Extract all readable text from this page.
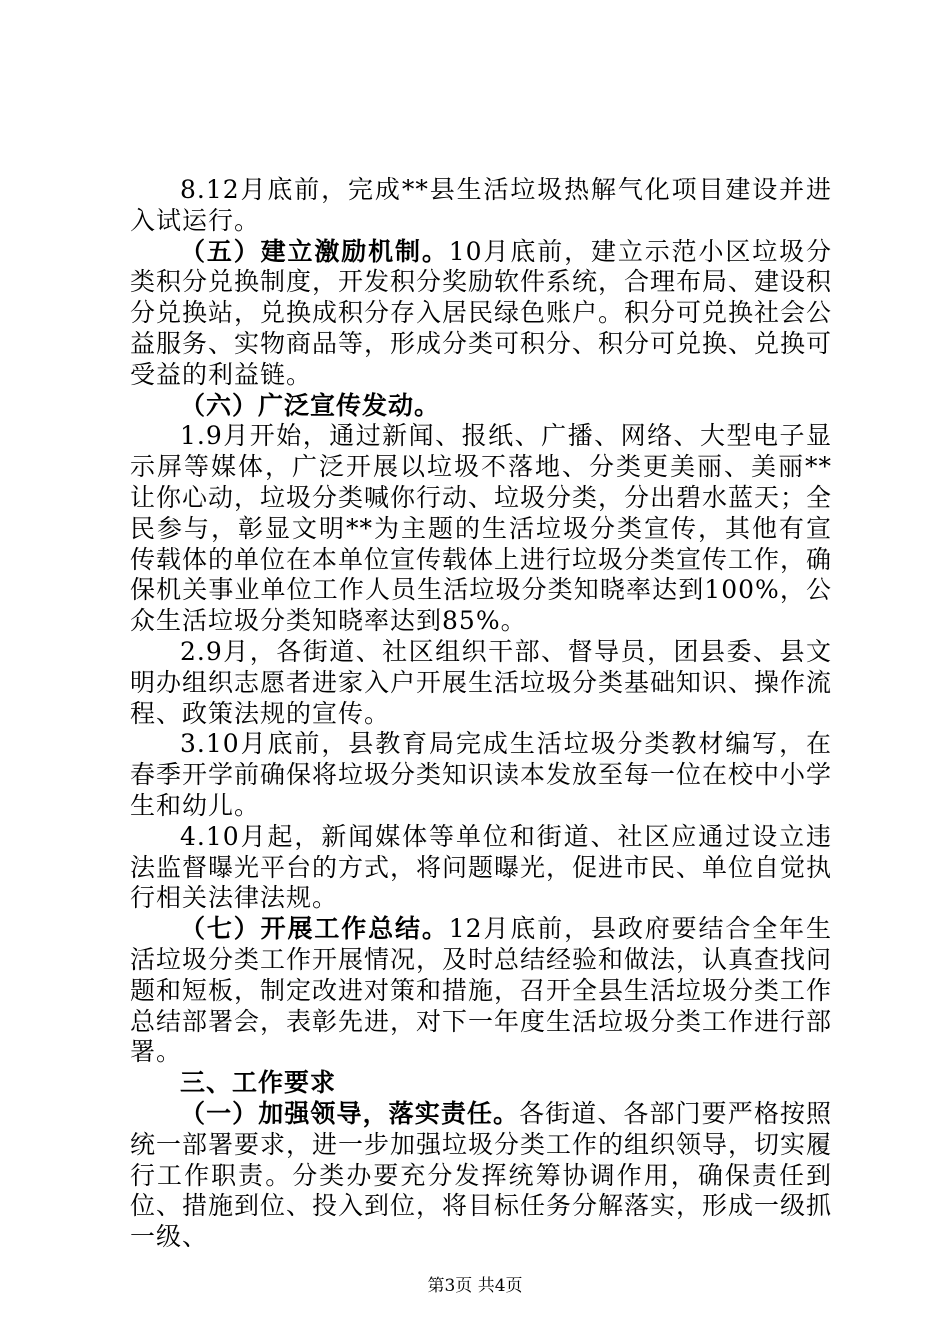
8.12月底前，完成**县生活垃圾热解气化项目建设并进入试运行。

（五）建立激励机制。10月底前，建立示范小区垃圾分类积分兑换制度，开发积分奖励软件系统，合理布局、建设积分兑换站，兑换成积分存入居民绿色账户。积分可兑换社会公益服务、实物商品等，形成分类可积分、积分可兑换、兑换可受益的利益链。

（六）广泛宣传发动。

1.9月开始，通过新闻、报纸、广播、网络、大型电子显示屏等媒体，广泛开展以垃圾不落地、分类更美丽、美丽**让你心动，垃圾分类喊你行动、垃圾分类，分出碧水蓝天；全民参与，彰显文明**为主题的生活垃圾分类宣传，其他有宣传载体的单位在本单位宣传载体上进行垃圾分类宣传工作，确保机关事业单位工作人员生活垃圾分类知晓率达到100%，公众生活垃圾分类知晓率达到85%。

2.9月，各街道、社区组织干部、督导员，团县委、县文明办组织志愿者进家入户开展生活垃圾分类基础知识、操作流程、政策法规的宣传。

3.10月底前，县教育局完成生活垃圾分类教材编写，在春季开学前确保将垃圾分类知识读本发放至每一位在校中小学生和幼儿。

4.10月起，新闻媒体等单位和街道、社区应通过设立违法监督曝光平台的方式，将问题曝光，促进市民、单位自觉执行相关法律法规。

（七）开展工作总结。12月底前，县政府要结合全年生活垃圾分类工作开展情况，及时总结经验和做法，认真查找问题和短板，制定改进对策和措施，召开全县生活垃圾分类工作总结部署会，表彰先进，对下一年度生活垃圾分类工作进行部署。

三、工作要求

（一）加强领导，落实责任。各街道、各部门要严格按照统一部署要求，进一步加强垃圾分类工作的组织领导，切实履行工作职责。分类办要充分发挥统筹协调作用，确保责任到位、措施到位、投入到位，将目标任务分解落实，形成一级抓一级、

第3页 共4页
